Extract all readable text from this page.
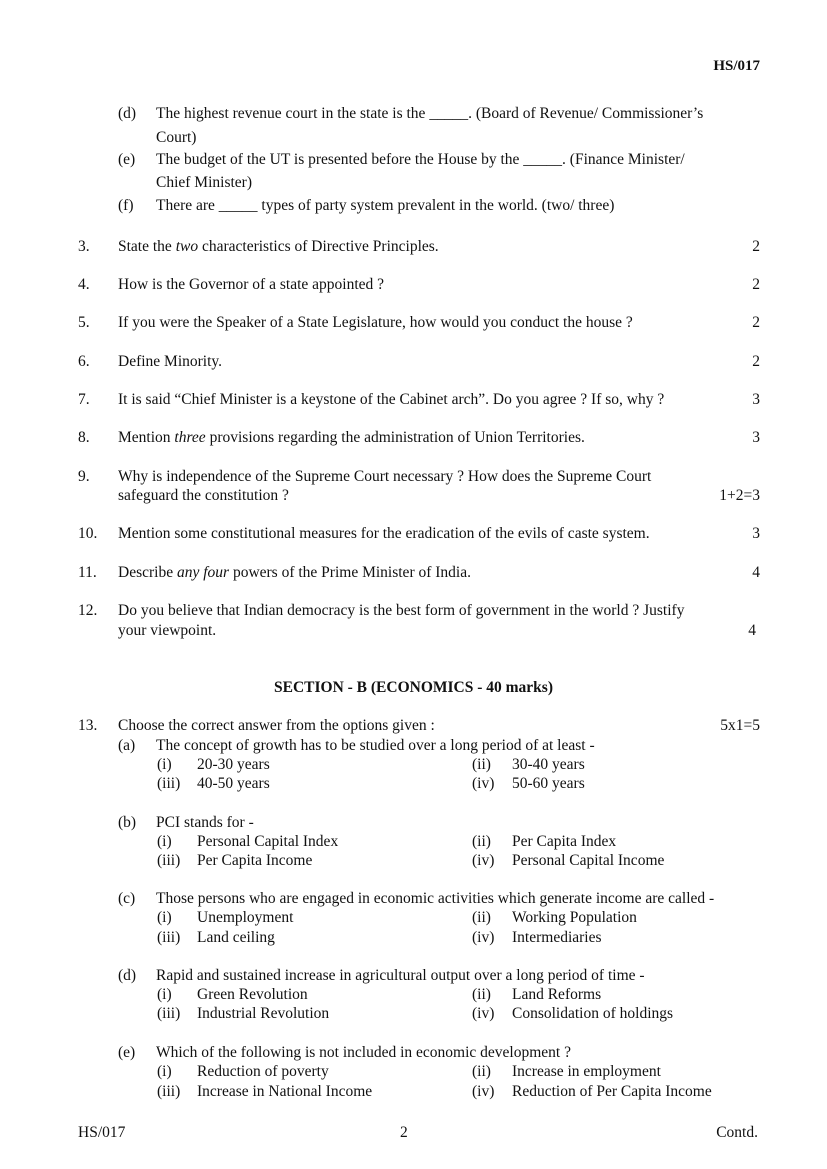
HS/017
(d) The highest revenue court in the state is the _____. (Board of Revenue/ Commissioner’s
Court)
(e) The budget of the UT is presented before the House by the _____. (Finance Minister/
Chief Minister)
(f) There are _____ types of party system prevalent in the world. (two/ three)
3. State the two characteristics of Directive Principles.	2
4. How is the Governor of a state appointed ?	2
5. If you were the Speaker of a State Legislature, how would you conduct the house ?	2
6. Define Minority.	2
7. It is said “Chief Minister is a keystone of the Cabinet arch”. Do you agree ? If so, why ?	3
8. Mention three provisions regarding the administration of Union Territories.	3
9. Why is independence of the Supreme Court necessary ? How does the Supreme Court
safeguard the constitution ?	1+2=3
10. Mention some constitutional measures for the eradication of the evils of caste system.	3
11. Describe any four powers of the Prime Minister of India.	4
12. Do you believe that Indian democracy is the best form of government in the world ? Justify
your viewpoint.	4
SECTION - B (ECONOMICS - 40 marks)
13. Choose the correct answer from the options given :	5x1=5
(a) The concept of growth has to be studied over a long period of at least -
(i) 20-30 years	(ii) 30-40 years
(iii) 40-50 years	(iv) 50-60 years
(b) PCI stands for -
(i) Personal Capital Index	(ii) Per Capita Index
(iii) Per Capita Income	(iv) Personal Capital Income
(c) Those persons who are engaged in economic activities which generate income are called -
(i) Unemployment	(ii) Working Population
(iii) Land ceiling	(iv) Intermediaries
(d) Rapid and sustained increase in agricultural output over a long period of time -
(i) Green Revolution	(ii) Land Reforms
(iii) Industrial Revolution	(iv) Consolidation of holdings
(e) Which of the following is not included in economic development ?
(i) Reduction of poverty	(ii) Increase in employment
(iii) Increase in National Income	(iv) Reduction of Per Capita Income
HS/017	2	Contd.
